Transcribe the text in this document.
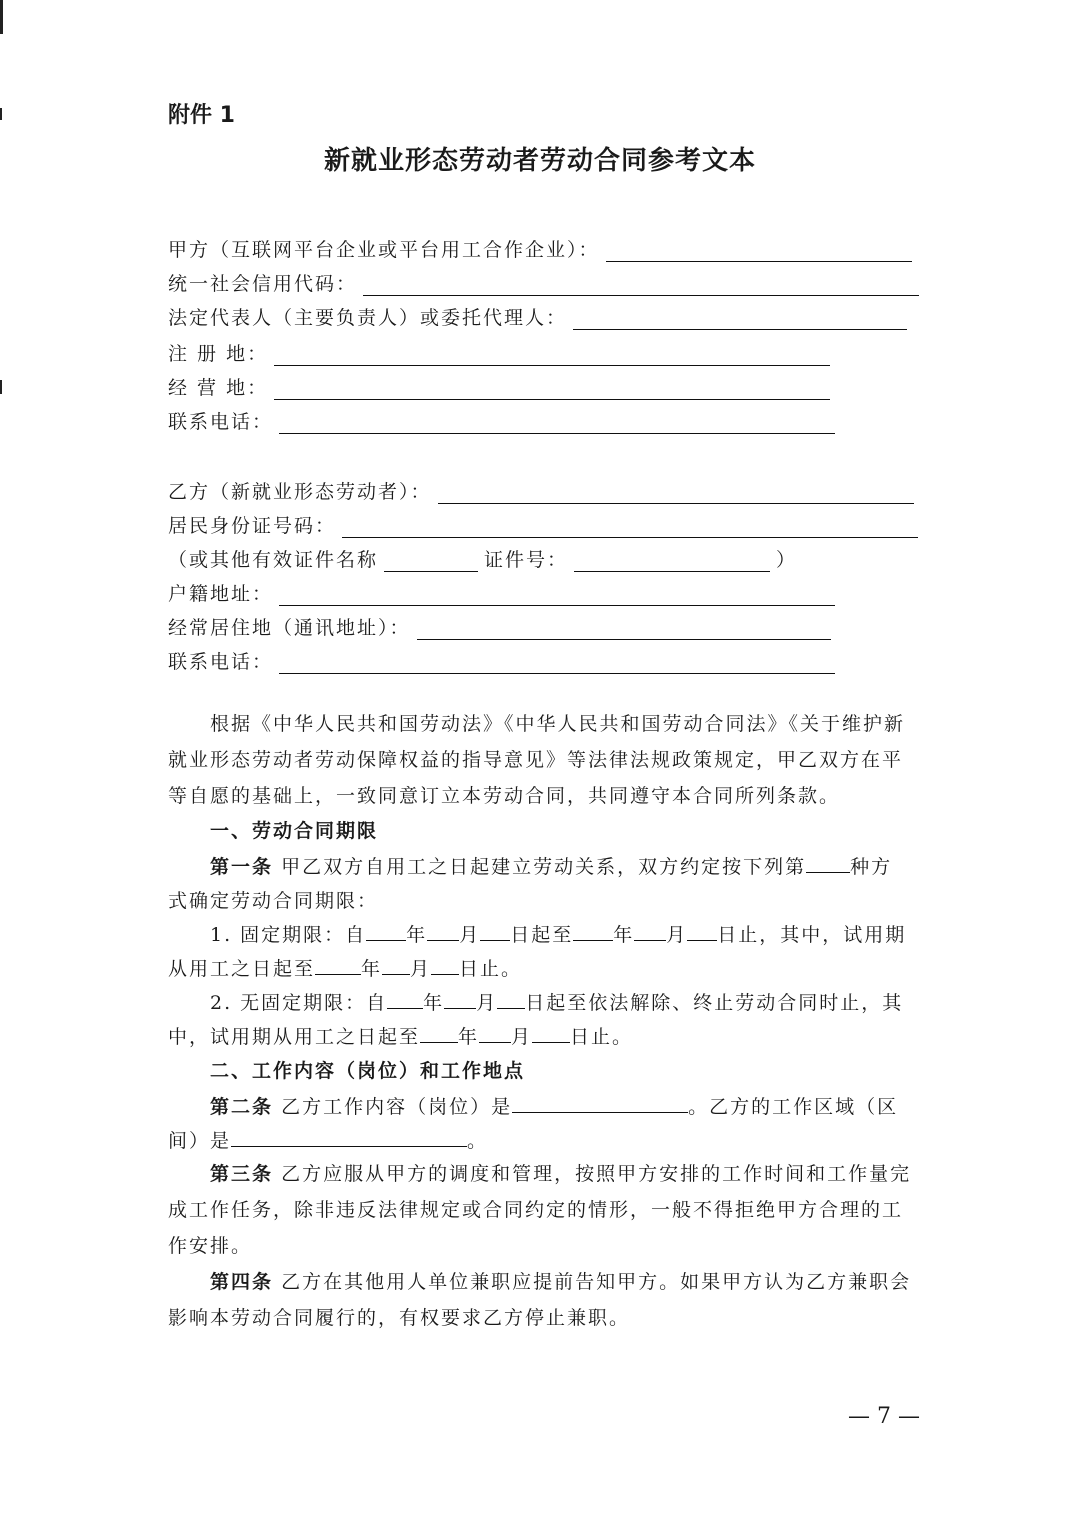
附件 1
新就业形态劳动者劳动合同参考文本
甲方（互联网平台企业或平台用工合作企业）：
统一社会信用代码：
法定代表人（主要负责人）或委托代理人：
注 册 地：
经 营 地：
联系电话：
乙方（新就业形态劳动者）：
居民身份证号码：
（或其他有效证件名称	证件号：	）
户籍地址：
经常居住地（通讯地址）：
联系电话：
根据《中华人民共和国劳动法》《中华人民共和国劳动合同法》《关于维护新就业形态劳动者劳动保障权益的指导意见》等法律法规政策规定，甲乙双方在平等自愿的基础上，一致同意订立本劳动合同，共同遵守本合同所列条款。
一、劳动合同期限
第一条 甲乙双方自用工之日起建立劳动关系，双方约定按下列第 种方
式确定劳动合同期限：
1. 固定期限：自 年 月 日起至 年 月 日止，其中，试用期
从用工之日起至 年 月 日止。
2. 无固定期限：自 年 月 日起至依法解除、终止劳动合同时止，其
中，试用期从用工之日起至 年 月 日止。
二、工作内容（岗位）和工作地点
第二条 乙方工作内容（岗位）是	。乙方的工作区域（区
间）是	。
第三条 乙方应服从甲方的调度和管理，按照甲方安排的工作时间和工作量完成工作任务，除非违反法律规定或合同约定的情形，一般不得拒绝甲方合理的工作安排。
第四条 乙方在其他用人单位兼职应提前告知甲方。如果甲方认为乙方兼职会影响本劳动合同履行的，有权要求乙方停止兼职。
— 7 —
